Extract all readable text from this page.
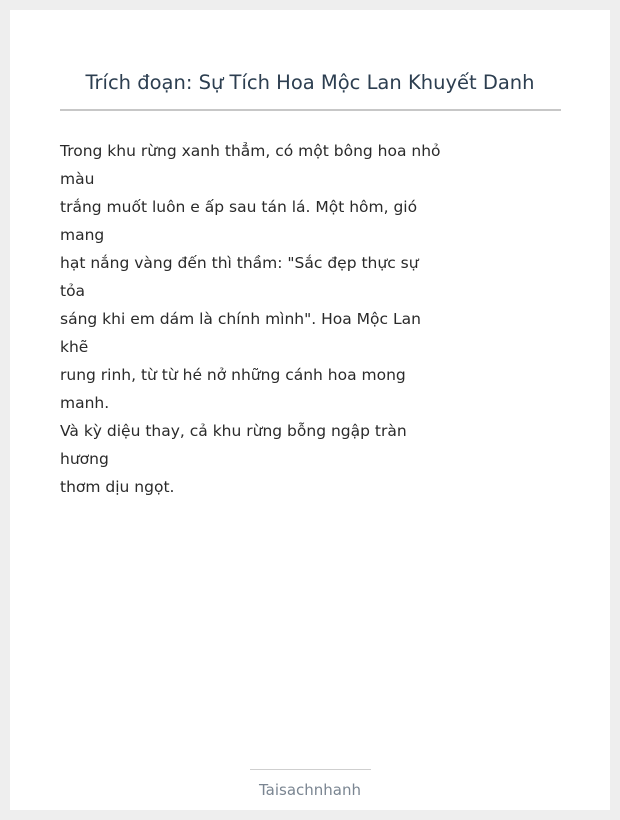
Trích đoạn: Sự Tích Hoa Mộc Lan Khuyết Danh
Trong khu rừng xanh thẳm, có một bông hoa nhỏ
màu
trắng muốt luôn e ấp sau tán lá. Một hôm, gió
mang
hạt nắng vàng đến thì thầm: "Sắc đẹp thực sự
tỏa
sáng khi em dám là chính mình". Hoa Mộc Lan
khẽ
rung rinh, từ từ hé nở những cánh hoa mong
manh.
Và kỳ diệu thay, cả khu rừng bỗng ngập tràn
hương
thơm dịu ngọt.
Taisachnhanh
